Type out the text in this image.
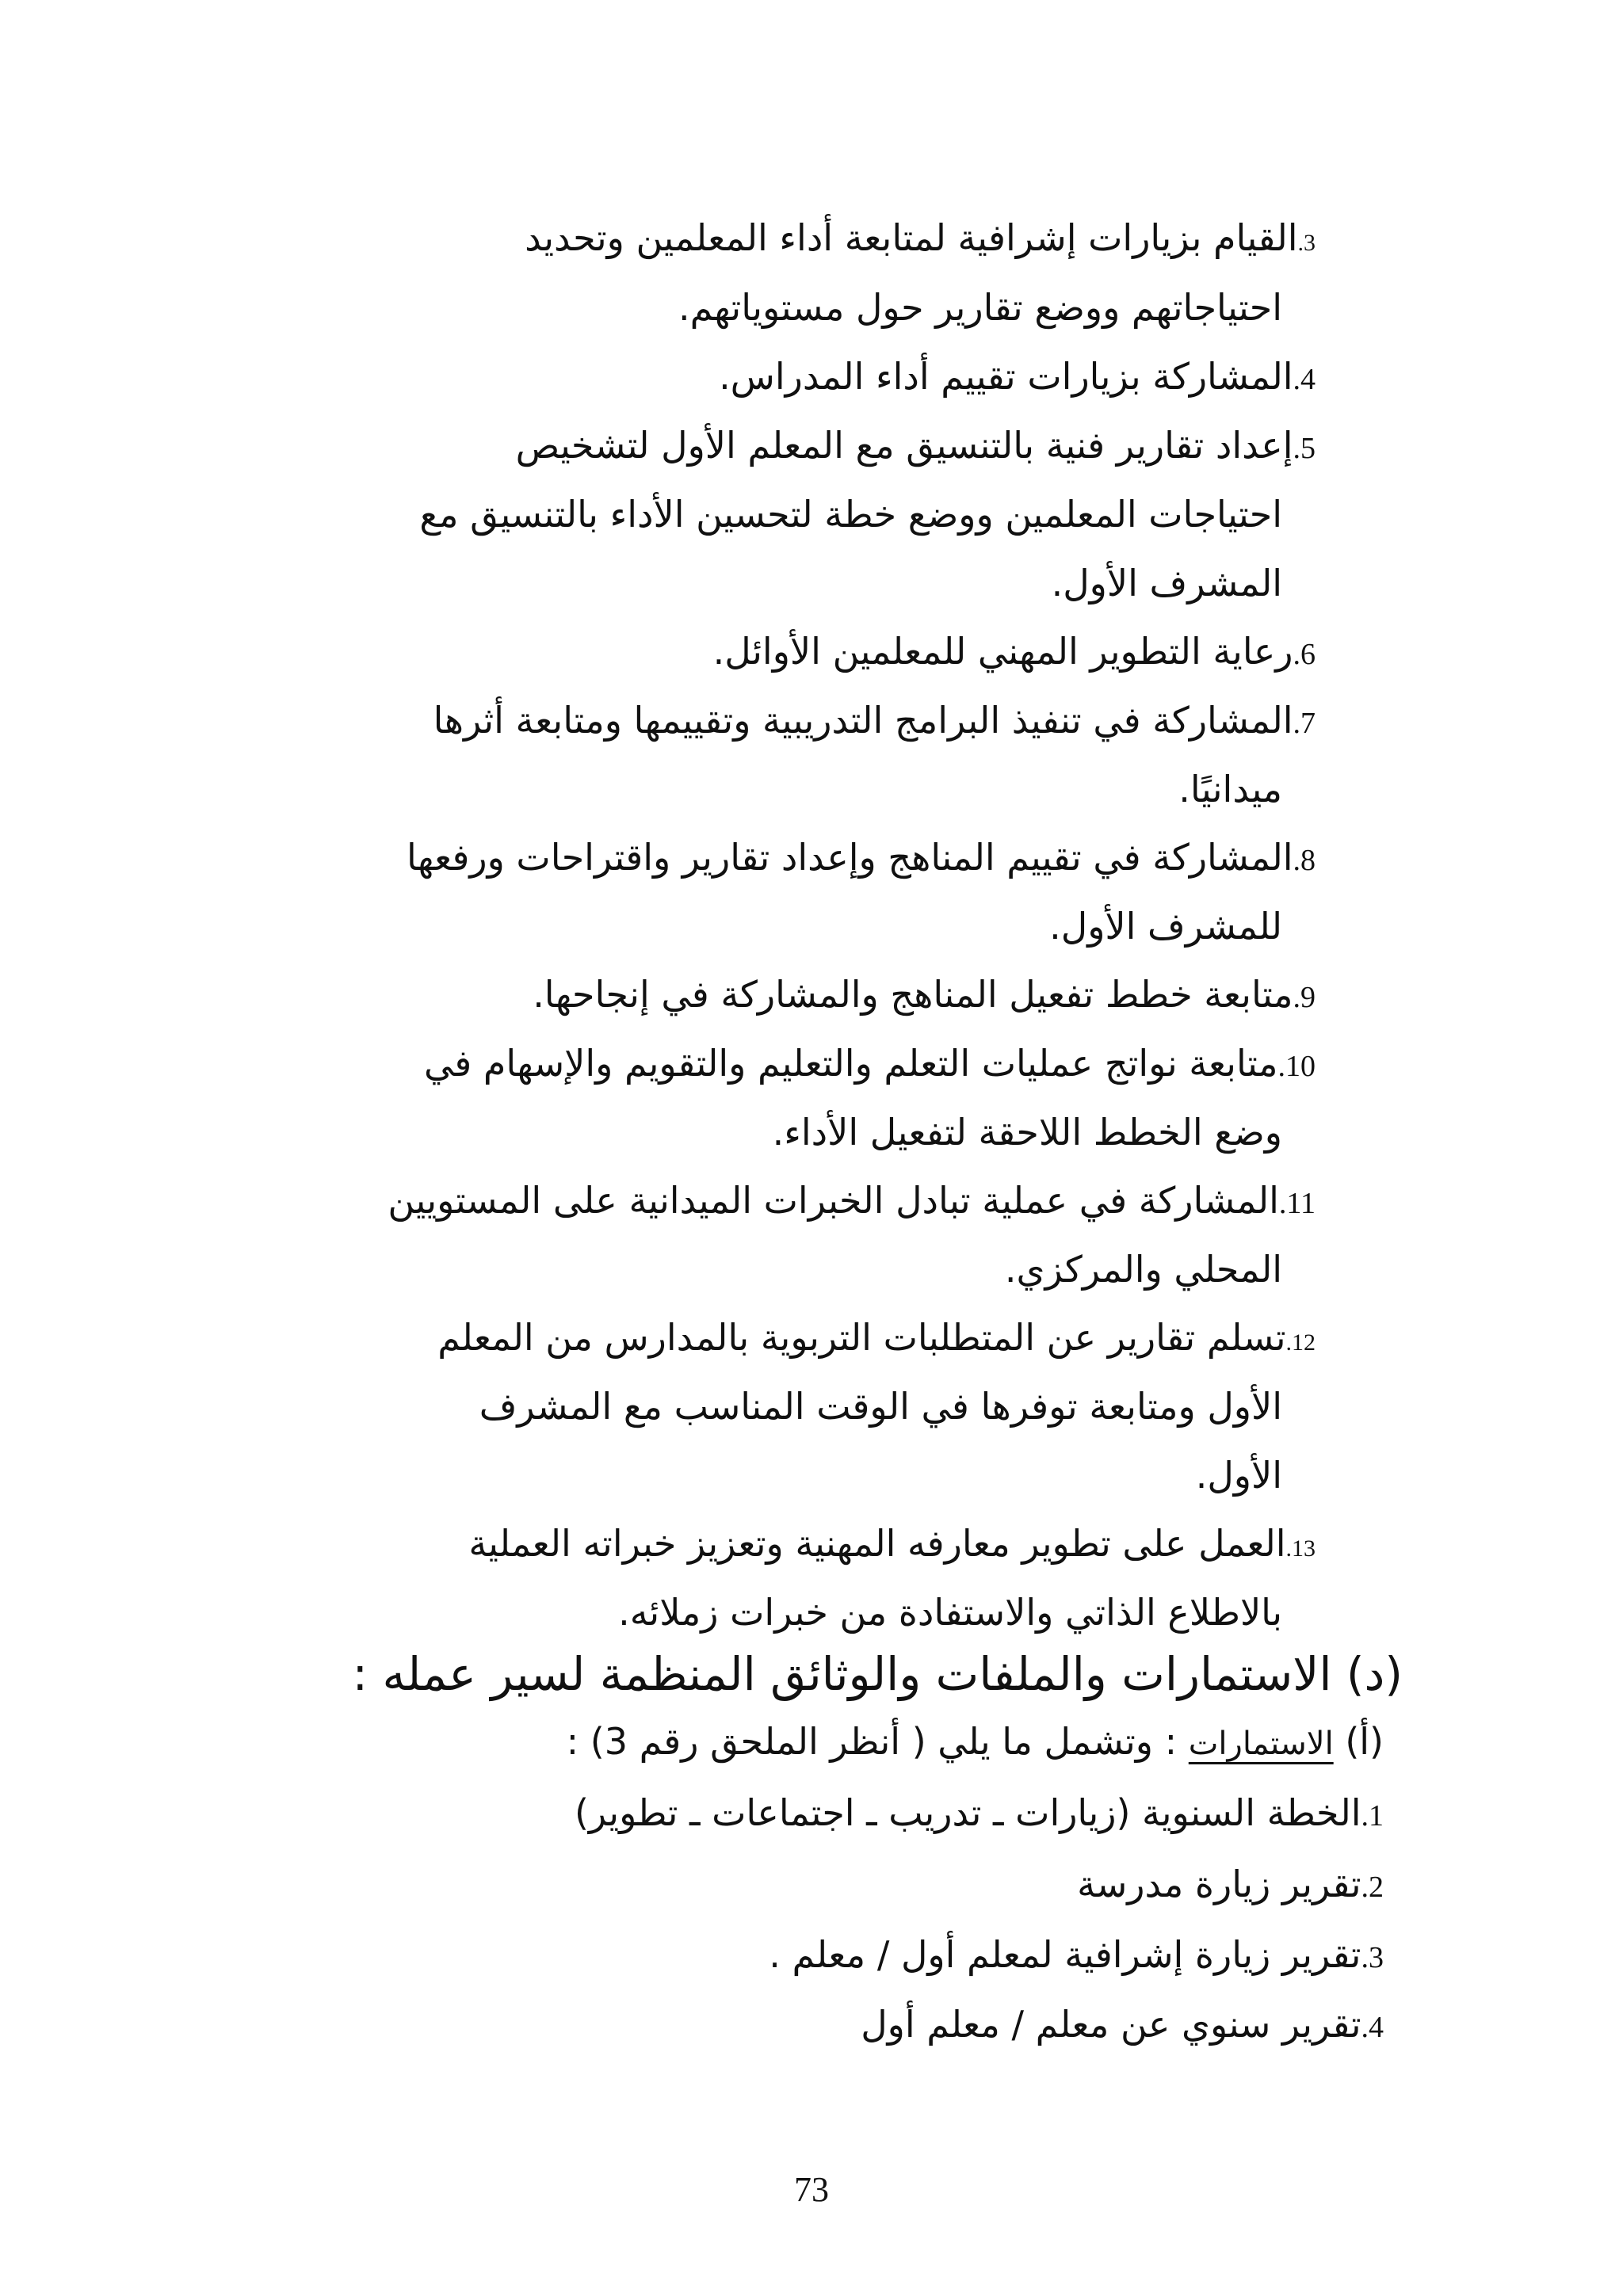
3.القيام بزيارات إشرافية لمتابعة أداء المعلمين وتحديد
احتياجاتهم ووضع تقارير حول مستوياتهم.
4.المشاركة بزيارات تقييم أداء المدراس.
5.إعداد تقارير فنية بالتنسيق مع المعلم الأول لتشخيص
احتياجات المعلمين ووضع خطة لتحسين الأداء بالتنسيق مع
المشرف الأول.
6.رعاية التطوير المهني للمعلمين الأوائل.
7.المشاركة في تنفيذ البرامج التدريبية وتقييمها ومتابعة أثرها
ميدانيًا.
8.المشاركة في تقييم المناهج وإعداد تقارير واقتراحات ورفعها
للمشرف الأول.
9.متابعة خطط تفعيل المناهج والمشاركة في إنجاحها.
10.متابعة نواتج عمليات التعلم والتعليم والتقويم والإسهام في
وضع الخطط اللاحقة لتفعيل الأداء.
11.المشاركة في عملية تبادل الخبرات الميدانية على المستويين
المحلي والمركزي.
12.تسلم تقارير عن المتطلبات التربوية بالمدارس من المعلم
الأول ومتابعة توفرها في الوقت المناسب مع المشرف
الأول.
13.العمل على تطوير معارفه المهنية وتعزيز خبراته العملية
بالاطلاع الذاتي والاستفادة من خبرات زملائه.
(د) الاستمارات والملفات والوثائق المنظمة لسير عمله :
(أ) الاستمارات : وتشمل ما يلي ( أنظر الملحق رقم 3) :
1.الخطة السنوية (زيارات ـ تدريب ـ اجتماعات ـ تطوير)
2.تقرير زيارة مدرسة
3.تقرير زيارة إشرافية لمعلم أول / معلم .
4.تقرير سنوي عن معلم / معلم أول
73
